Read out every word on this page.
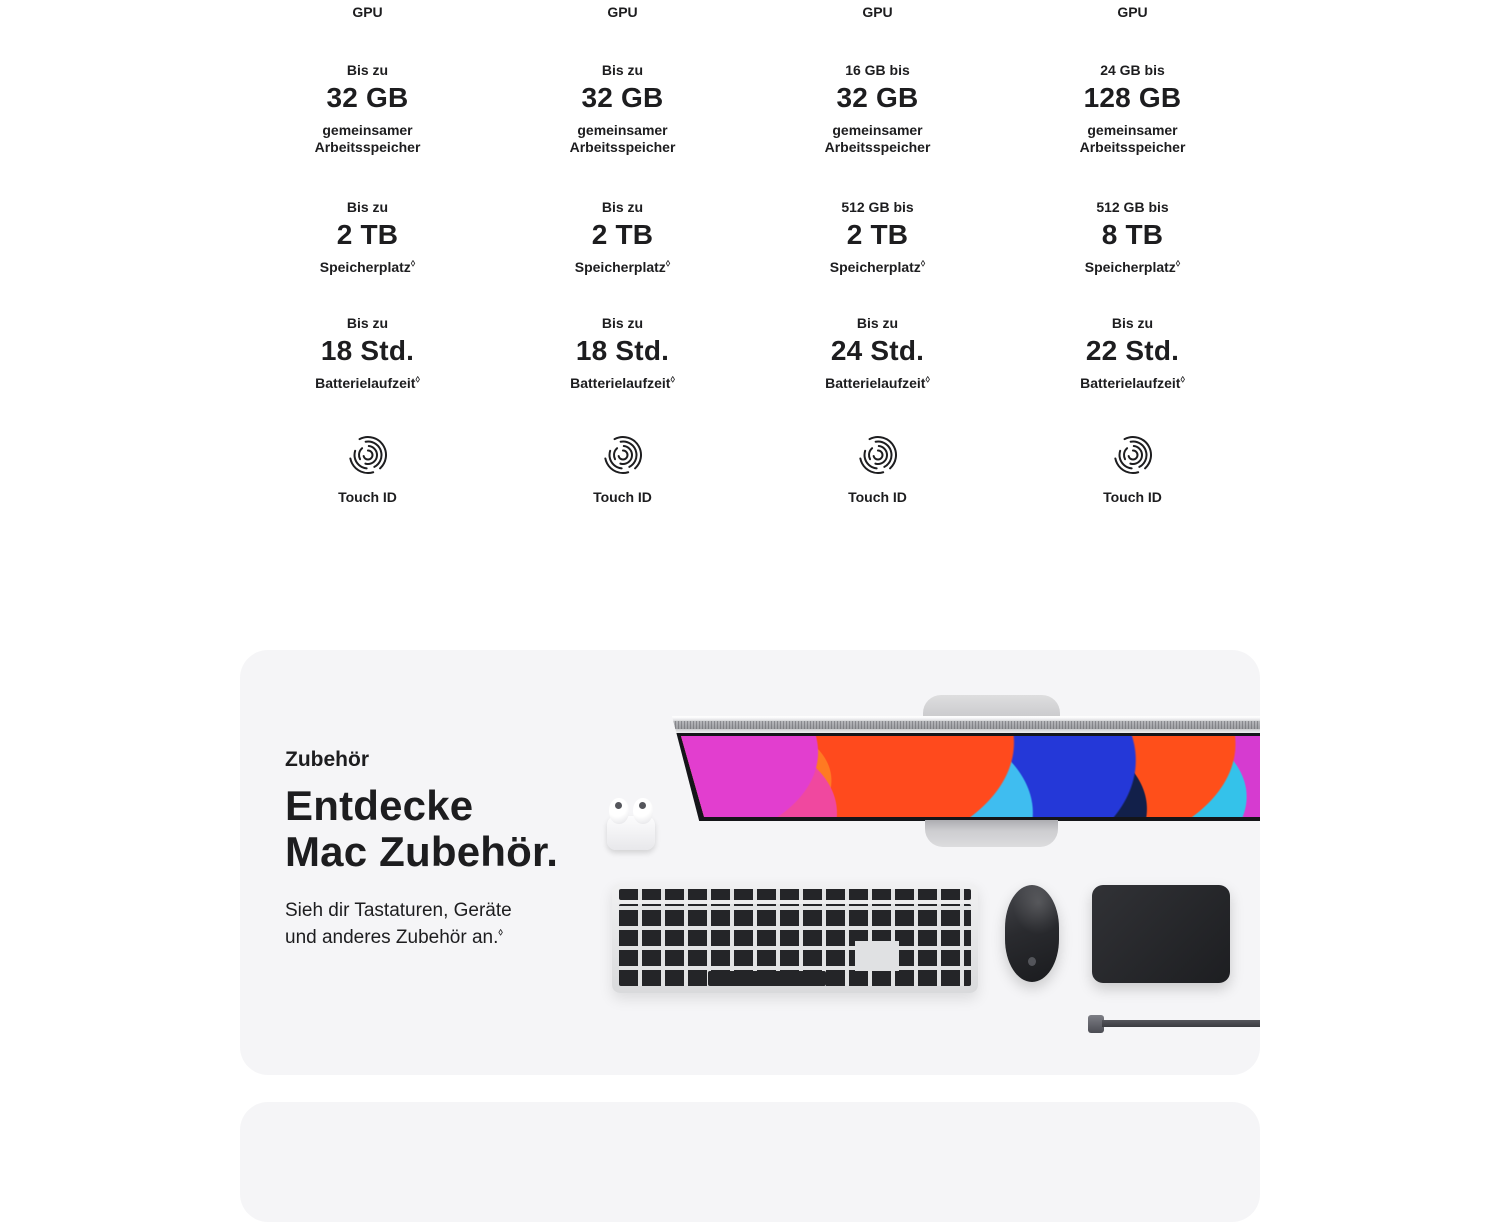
GPU
Bis zu
32 GB
gemeinsamer
Arbeitsspeicher
Bis zu
2 TB
Speicherplatz◊
Bis zu
18 Std.
Batterielaufzeit◊
Touch ID
GPU
Bis zu
32 GB
gemeinsamer
Arbeitsspeicher
Bis zu
2 TB
Speicherplatz◊
Bis zu
18 Std.
Batterielaufzeit◊
Touch ID
GPU
16 GB bis
32 GB
gemeinsamer
Arbeitsspeicher
512 GB bis
2 TB
Speicherplatz◊
Bis zu
24 Std.
Batterielaufzeit◊
Touch ID
GPU
24 GB bis
128 GB
gemeinsamer
Arbeitsspeicher
512 GB bis
8 TB
Speicherplatz◊
Bis zu
22 Std.
Batterielaufzeit◊
Touch ID
Zubehör
Entdecke
Mac Zubehör.
Sieh dir Tastaturen, Geräte
und anderes Zubehör an.◊
